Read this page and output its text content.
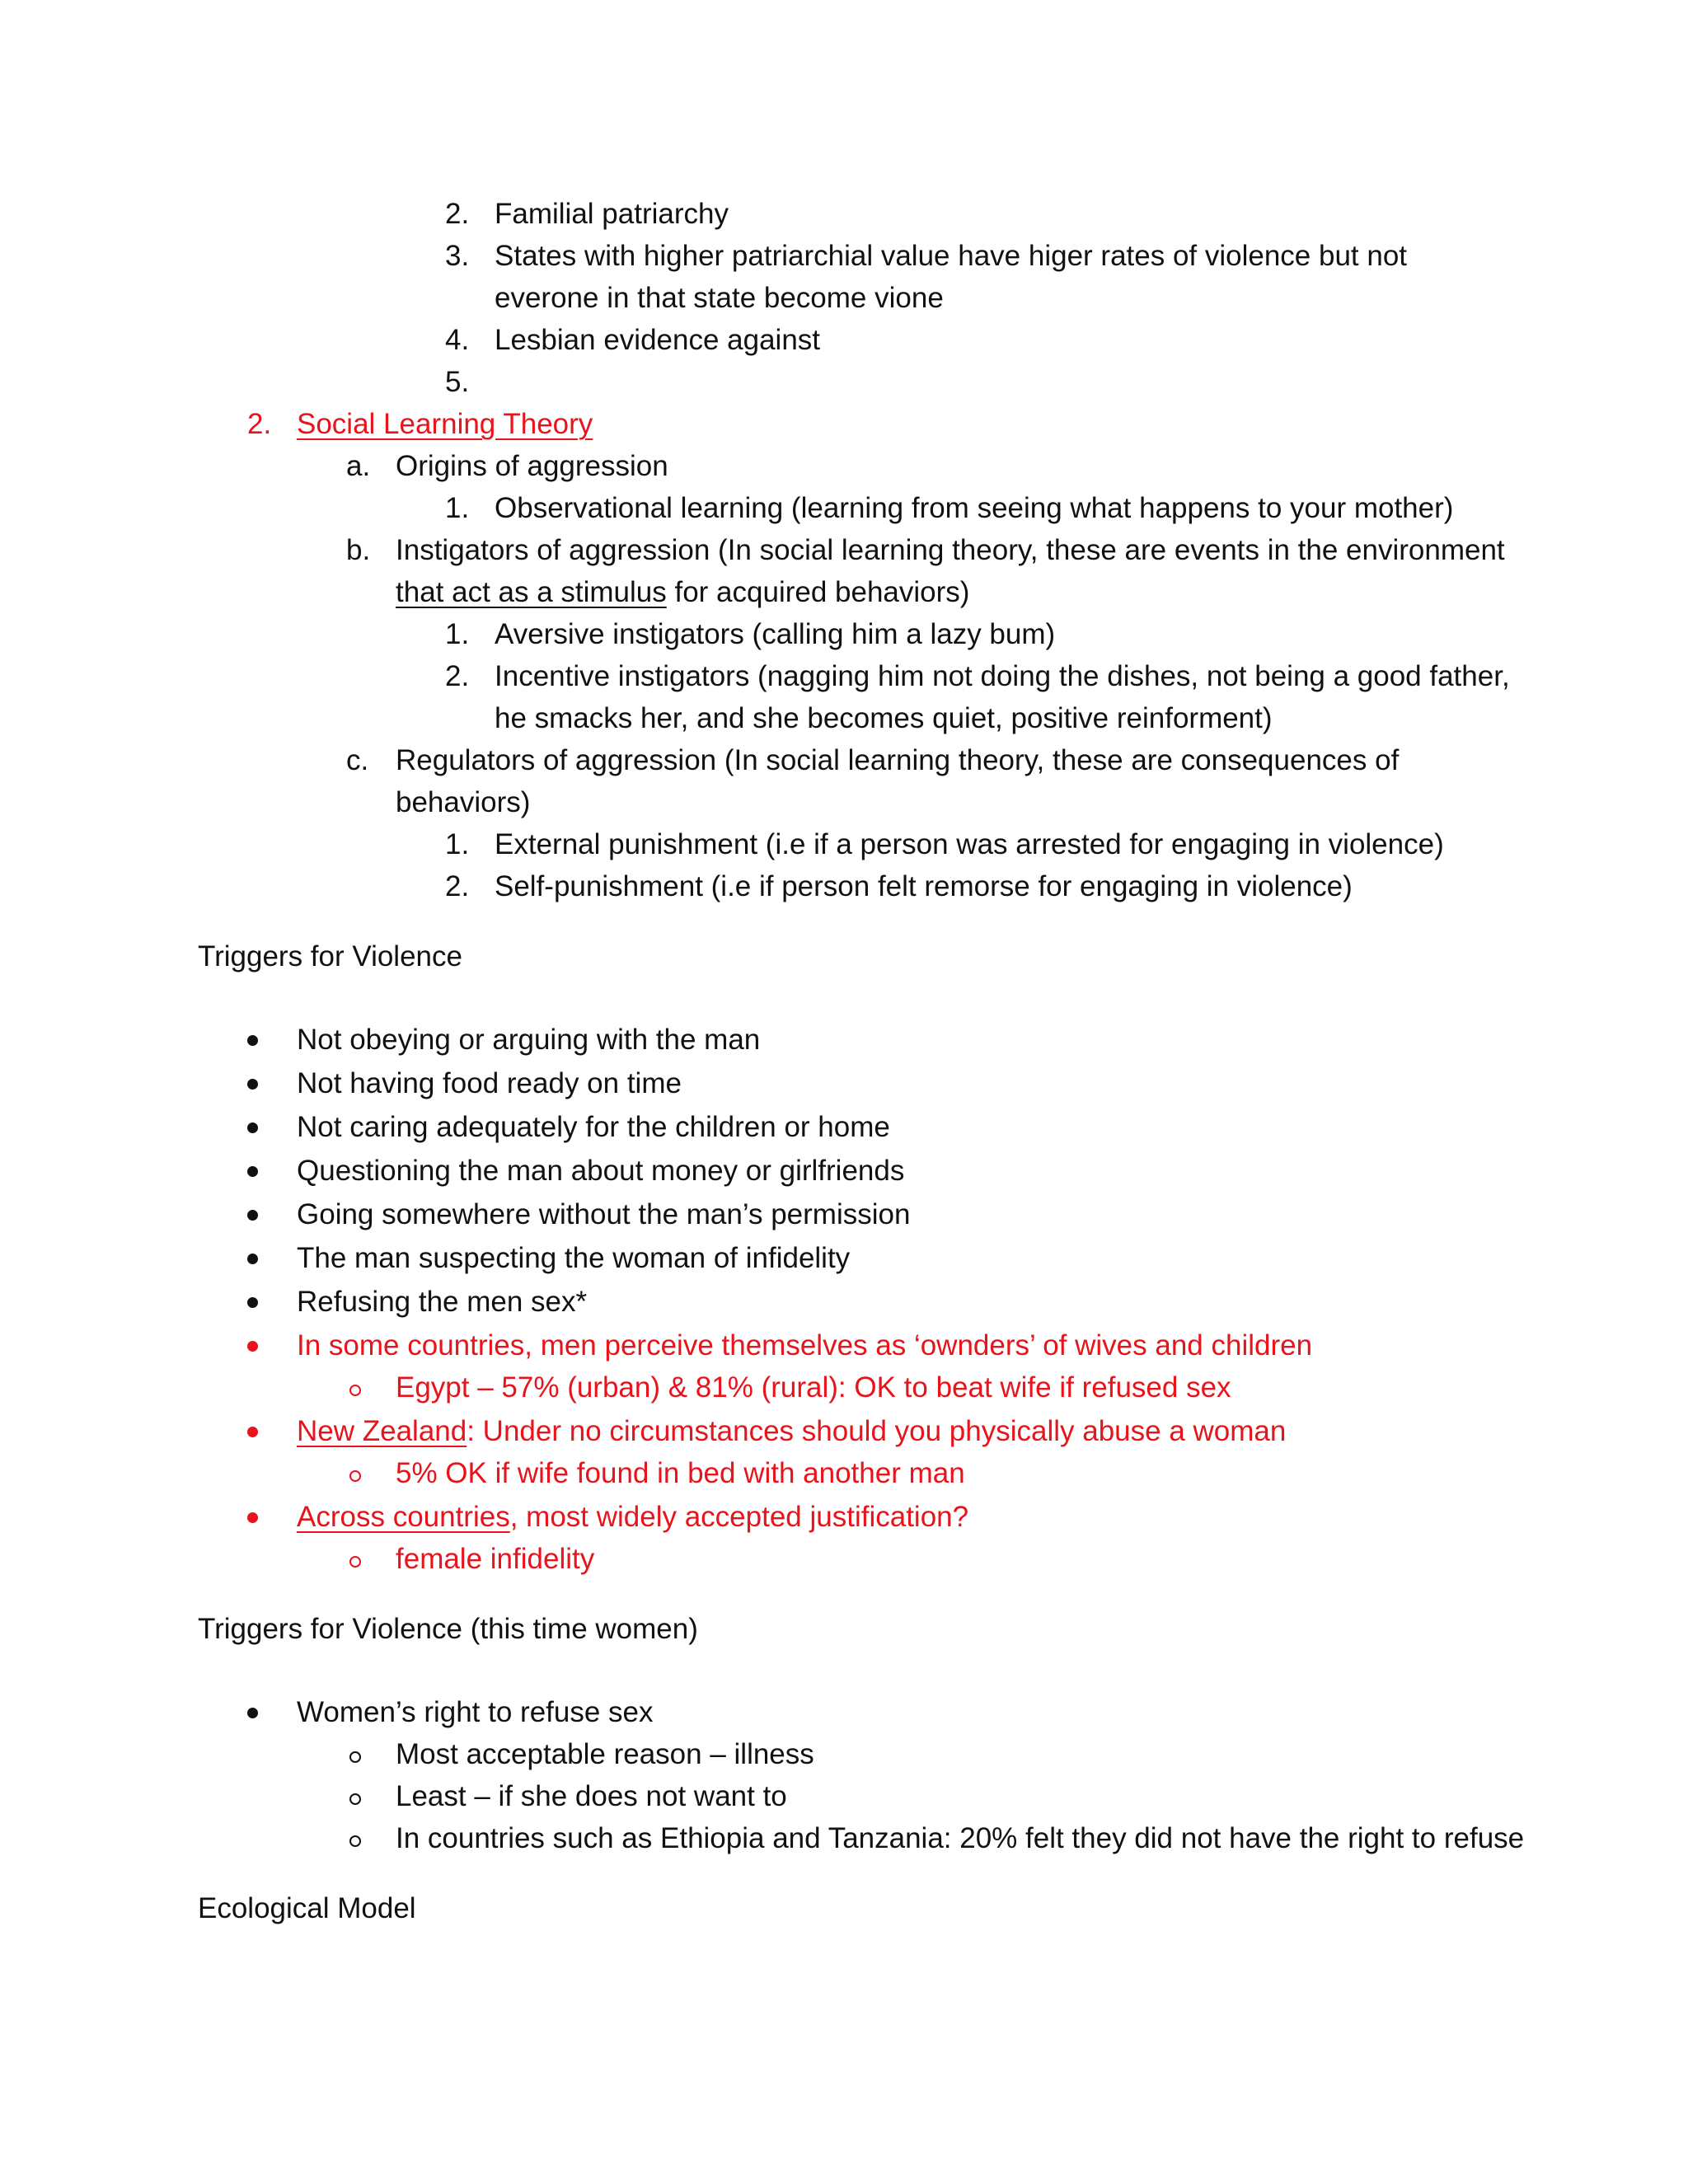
2. Familial patriarchy
3. States with higher patriarchial value have higer rates of violence but not
everone in that state become vione
4. Lesbian evidence against
5.
2. Social Learning Theory
a. Origins of aggression
1. Observational learning (learning from seeing what happens to your mother)
b. Instigators of aggression (In social learning theory, these are events in the environment
that act as a stimulus for acquired behaviors)
1. Aversive instigators (calling him a lazy bum)
2. Incentive instigators (nagging him not doing the dishes, not being a good father,
he smacks her, and she becomes quiet, positive reinforment)
c. Regulators of aggression (In social learning theory, these are consequences of
behaviors)
1. External punishment (i.e if a person was arrested for engaging in violence)
2. Self-punishment (i.e if person felt remorse for engaging in violence)
Triggers for Violence
Not obeying or arguing with the man
Not having food ready on time
Not caring adequately for the children or home
Questioning the man about money or girlfriends
Going somewhere without the man’s permission
The man suspecting the woman of infidelity
Refusing the men sex*
In some countries, men perceive themselves as ‘ownders’ of wives and children
Egypt – 57% (urban) & 81% (rural): OK to beat wife if refused sex
New Zealand: Under no circumstances should you physically abuse a woman
5% OK if wife found in bed with another man
Across countries, most widely accepted justification?
female infidelity
Triggers for Violence (this time women)
Women’s right to refuse sex
Most acceptable reason – illness
Least – if she does not want to
In countries such as Ethiopia and Tanzania: 20% felt they did not have the right to refuse
Ecological Model
